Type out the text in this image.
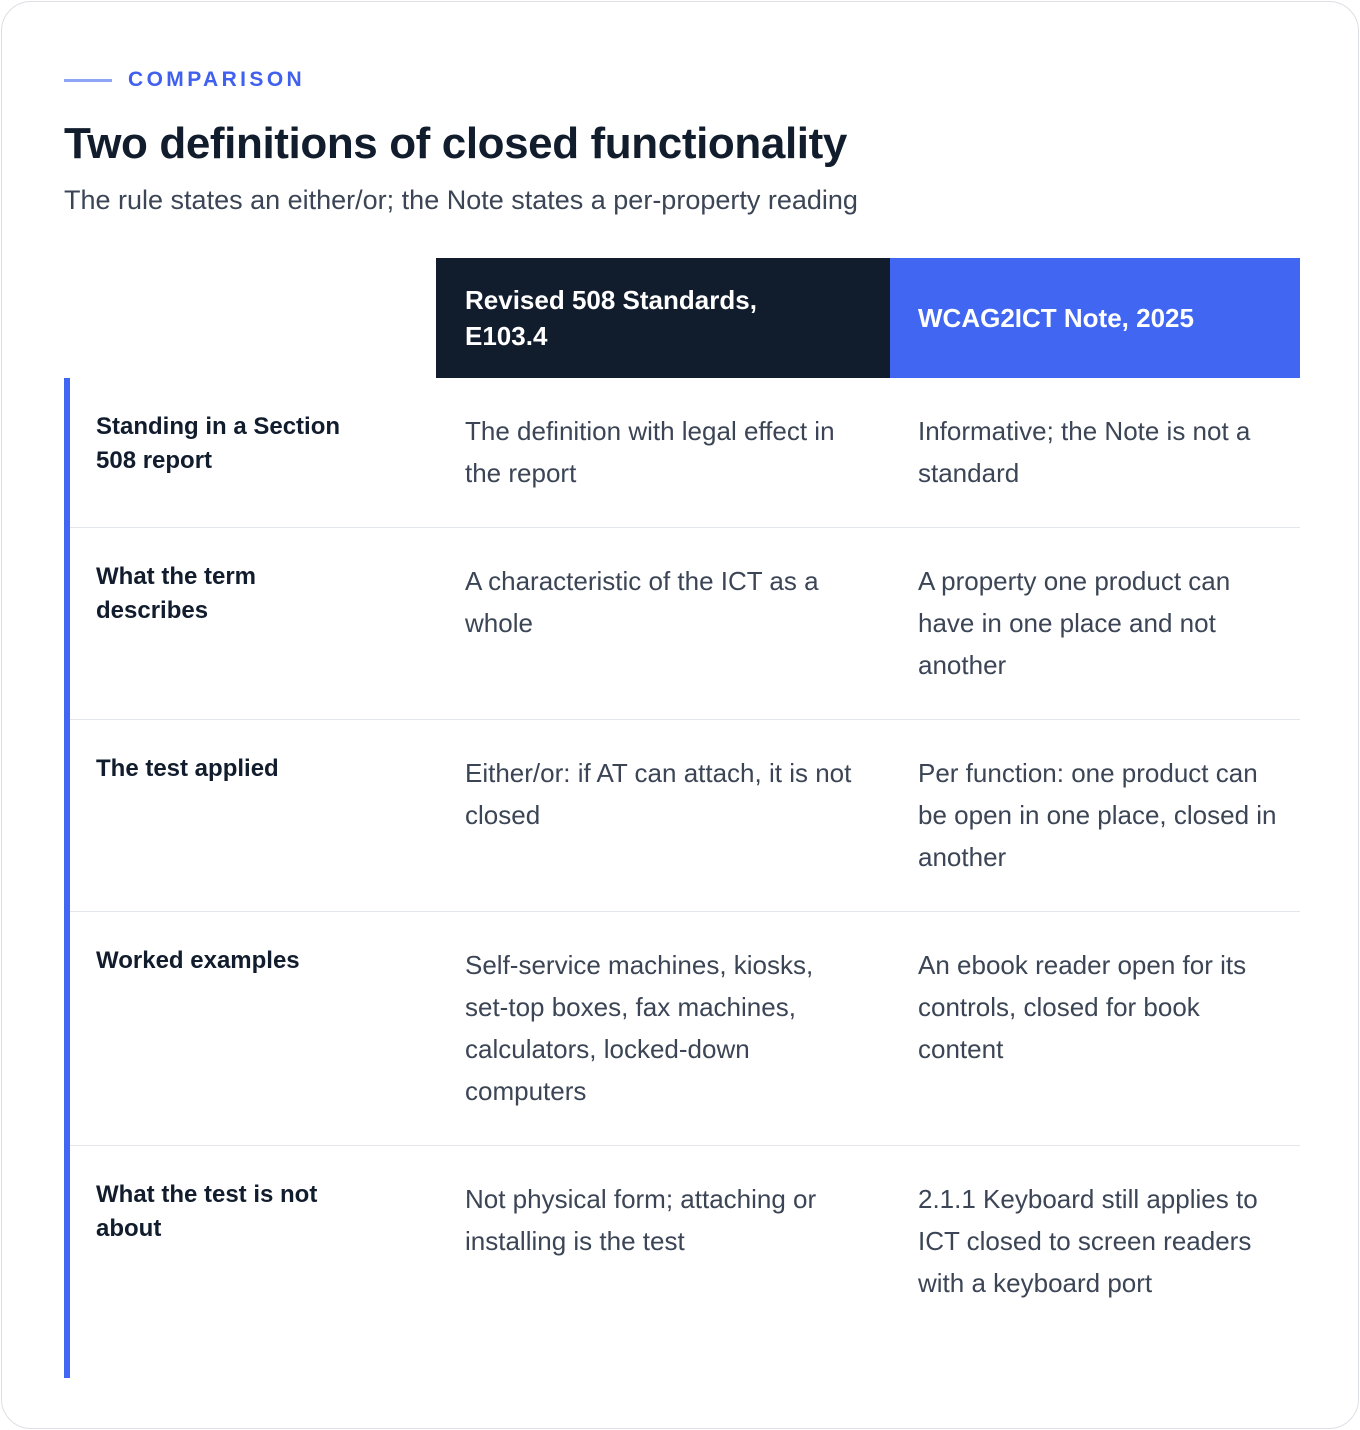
COMPARISON
Two definitions of closed functionality

The rule states an either/or; the Note states a per-property reading

Revised 508 Standards, E103.4
WCAG2ICT Note, 2025
Standing in a Section 508 report
The definition with legal effect in the report
Informative; the Note is not a standard
What the term describes
A characteristic of the ICT as a whole
A property one product can have in one place and not another
The test applied	Either/or: if AT can attach, it is not closed
Per function: one product can be open in one place, closed in another
Worked examples	Self-service machines, kiosks, set-top boxes, fax machines, calculators, locked-down computers
An ebook reader open for its controls, closed for book content
What the test is not about
Not physical form; attaching or installing is the test
2.1.1 Keyboard still applies to ICT closed to screen readers with a keyboard port
